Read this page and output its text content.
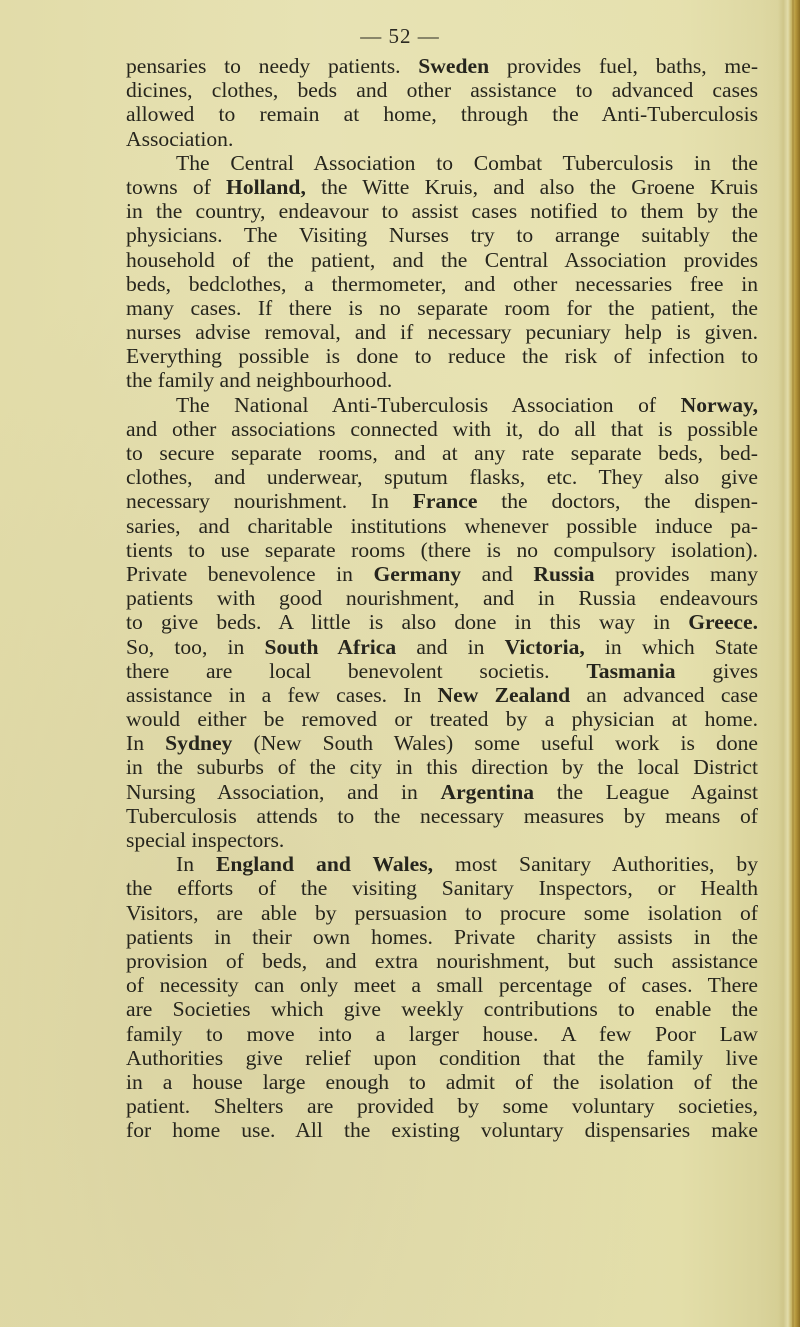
— 52 —
pensaries to needy patients. Sweden provides fuel, baths, me-
dicines, clothes, beds and other assistance to advanced cases
allowed to remain at home, through the Anti-Tuberculosis
Association.
The Central Association to Combat Tuberculosis in the
towns of Holland, the Witte Kruis, and also the Groene Kruis
in the country, endeavour to assist cases notified to them by the
physicians. The Visiting Nurses try to arrange suitably the
household of the patient, and the Central Association provides
beds, bedclothes, a thermometer, and other necessaries free in
many cases. If there is no separate room for the patient, the
nurses advise removal, and if necessary pecuniary help is given.
Everything possible is done to reduce the risk of infection to
the family and neighbourhood.
The National Anti-Tuberculosis Association of Norway,
and other associations connected with it, do all that is possible
to secure separate rooms, and at any rate separate beds, bed-
clothes, and underwear, sputum flasks, etc. They also give
necessary nourishment. In France the doctors, the dispen-
saries, and charitable institutions whenever possible induce pa-
tients to use separate rooms (there is no compulsory isolation).
Private benevolence in Germany and Russia provides many
patients with good nourishment, and in Russia endeavours
to give beds. A little is also done in this way in Greece.
So, too, in South Africa and in Victoria, in which State
there are local benevolent societis. Tasmania gives
assistance in a few cases. In New Zealand an advanced case
would either be removed or treated by a physician at home.
In Sydney (New South Wales) some useful work is done
in the suburbs of the city in this direction by the local District
Nursing Association, and in Argentina the League Against
Tuberculosis attends to the necessary measures by means of
special inspectors.
In England and Wales, most Sanitary Authorities, by
the efforts of the visiting Sanitary Inspectors, or Health
Visitors, are able by persuasion to procure some isolation of
patients in their own homes. Private charity assists in the
provision of beds, and extra nourishment, but such assistance
of necessity can only meet a small percentage of cases. There
are Societies which give weekly contributions to enable the
family to move into a larger house. A few Poor Law
Authorities give relief upon condition that the family live
in a house large enough to admit of the isolation of the
patient. Shelters are provided by some voluntary societies,
for home use. All the existing voluntary dispensaries make
